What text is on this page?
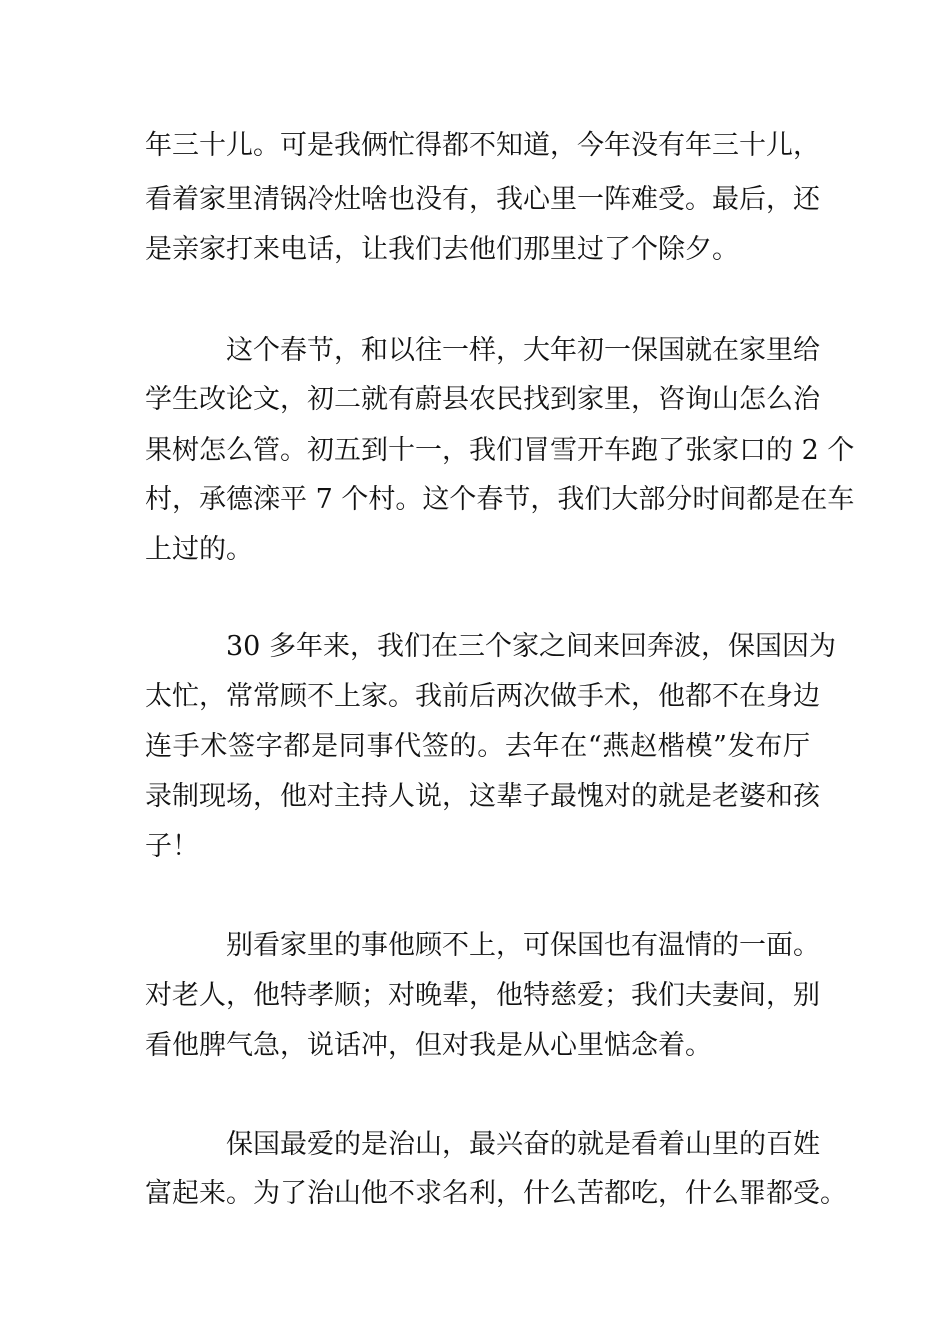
年三十儿。可是我俩忙得都不知道，今年没有年三十儿，
看着家里清锅冷灶啥也没有，我心里一阵难受。最后，还
是亲家打来电话，让我们去他们那里过了个除夕。
这个春节，和以往一样，大年初一保国就在家里给
学生改论文，初二就有蔚县农民找到家里，咨询山怎么治
果树怎么管。初五到十一，我们冒雪开车跑了张家口的 2 个
村，承德滦平 7 个村。这个春节，我们大部分时间都是在车
上过的。
30 多年来，我们在三个家之间来回奔波，保国因为
太忙，常常顾不上家。我前后两次做手术，他都不在身边
连手术签字都是同事代签的。去年在“燕赵楷模”发布厅
录制现场，他对主持人说，这辈子最愧对的就是老婆和孩
子！
别看家里的事他顾不上，可保国也有温情的一面。
对老人，他特孝顺；对晚辈，他特慈爱；我们夫妻间，别
看他脾气急，说话冲，但对我是从心里惦念着。
保国最爱的是治山，最兴奋的就是看着山里的百姓
富起来。为了治山他不求名利，什么苦都吃，什么罪都受。
